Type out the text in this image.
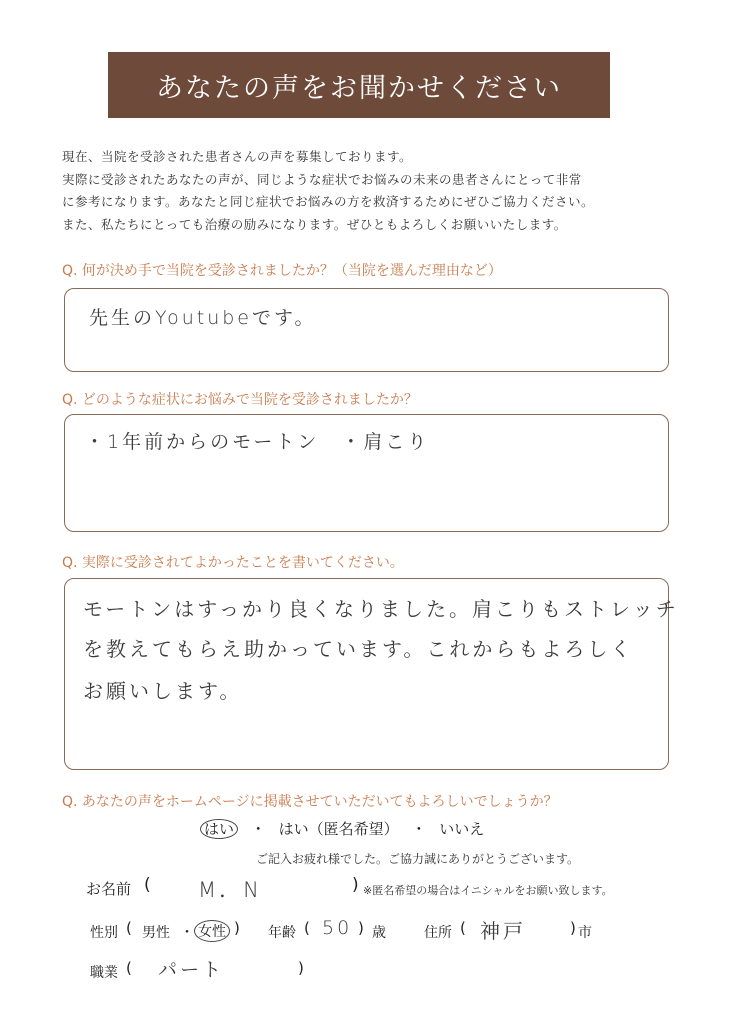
あなたの声をお聞かせください
現在、当院を受診された患者さんの声を募集しております。
実際に受診されたあなたの声が、同じような症状でお悩みの未来の患者さんにとって非常
に参考になります。あなたと同じ症状でお悩みの方を救済するためにぜひご協力ください。
また、私たちにとっても治療の励みになります。ぜひともよろしくお願いいたします。
Q. 何が決め手で当院を受診されましたか？（当院を選んだ理由など）
先生のYoutubeです。
Q. どのような症状にお悩みで当院を受診されましたか？
・1年前からのモートン　・肩こり
Q. 実際に受診されてよかったことを書いてください。
モートンはすっかり良くなりました。肩こりもストレッチ
を教えてもらえ助かっています。これからもよろしく
お願いします。
Q. あなたの声をホームページに掲載させていただいてもよろしいでしょうか？
はい ・ はい（匿名希望） ・ いいえ
ご記入お疲れ様でした。ご協力誠にありがとうございます。
お名前 ( M．N	) ※匿名希望の場合はイニシャルをお願い致します。
性別 ( 男性 ・ 女性 ) 年齢 ( 50 ) 歳	住所 ( 神戸	) 市
職業 ( パート	)
